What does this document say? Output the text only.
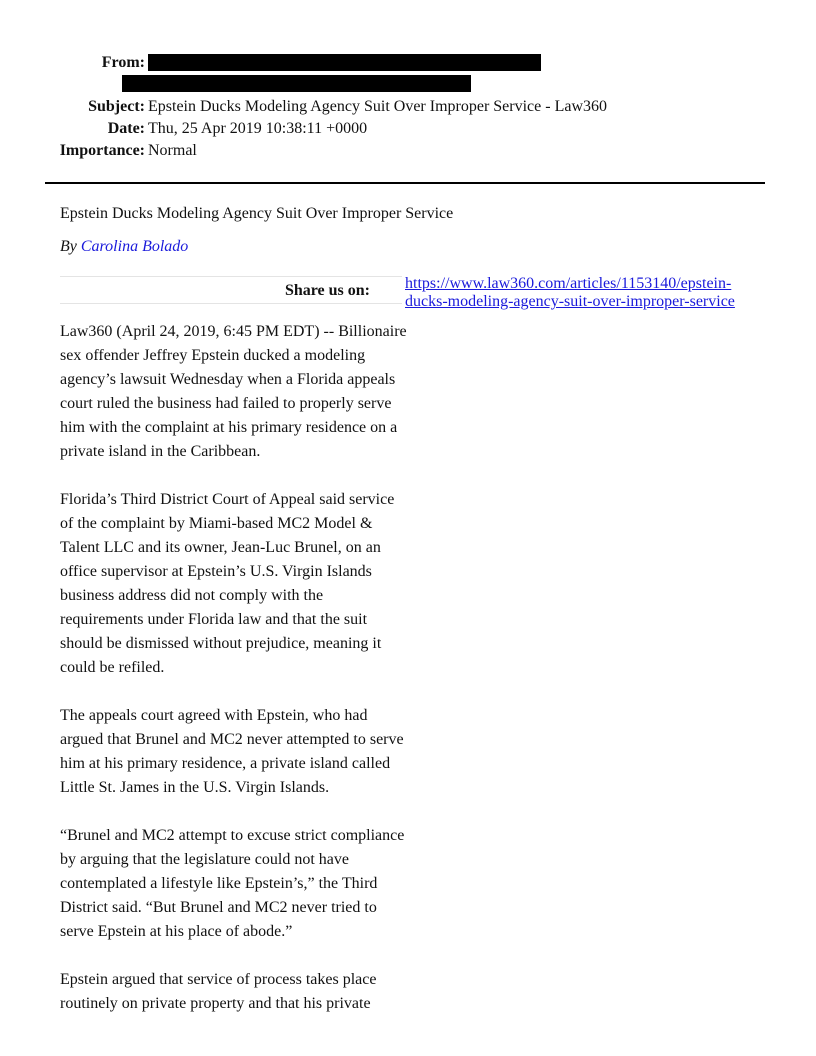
From:
Subject: Epstein Ducks Modeling Agency Suit Over Improper Service - Law360
Date: Thu, 25 Apr 2019 10:38:11 +0000
Importance: Normal
Epstein Ducks Modeling Agency Suit Over Improper Service
By Carolina Bolado
Share us on: https://www.law360.com/articles/1153140/epstein-ducks-modeling-agency-suit-over-improper-service

Law360 (April 24, 2019, 6:45 PM EDT) -- Billionaire sex offender Jeffrey Epstein ducked a modeling agency’s lawsuit Wednesday when a Florida appeals court ruled the business had failed to properly serve him with the complaint at his primary residence on a private island in the Caribbean.

Florida’s Third District Court of Appeal said service of the complaint by Miami-based MC2 Model & Talent LLC and its owner, Jean-Luc Brunel, on an office supervisor at Epstein’s U.S. Virgin Islands business address did not comply with the requirements under Florida law and that the suit should be dismissed without prejudice, meaning it could be refiled.

The appeals court agreed with Epstein, who had argued that Brunel and MC2 never attempted to serve him at his primary residence, a private island called Little St. James in the U.S. Virgin Islands.

“Brunel and MC2 attempt to excuse strict compliance by arguing that the legislature could not have contemplated a lifestyle like Epstein’s,” the Third District said. “But Brunel and MC2 never tried to serve Epstein at his place of abode.”

Epstein argued that service of process takes place routinely on private property and that his private
